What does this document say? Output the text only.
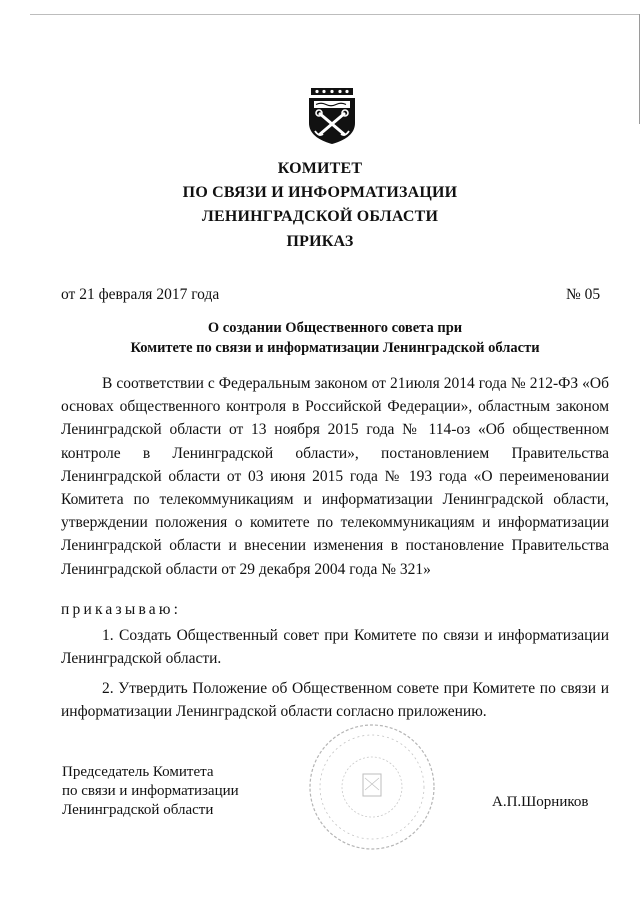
КОМИТЕТ
ПО СВЯЗИ И ИНФОРМАТИЗАЦИИ
ЛЕНИНГРАДСКОЙ ОБЛАСТИ
ПРИКАЗ
от 21 февраля 2017 года	№ 05
О создании Общественного совета при
Комитете по связи и информатизации Ленинградской области
В соответствии с Федеральным законом от 21июля 2014 года № 212-ФЗ «Об основах общественного контроля в Российской Федерации», областным законом Ленинградской области от 13 ноября 2015 года № 114-оз «Об общественном контроле в Ленинградской области», постановлением Правительства Ленинградской области от 03 июня 2015 года № 193 года «О переименовании Комитета по телекоммуникациям и информатизации Ленинградской области, утверждении положения о комитете по телекоммуникациям и информатизации Ленинградской области и внесении изменения в постановление Правительства Ленинградской области от 29 декабря 2004 года № 321»
приказываю:
1. Создать Общественный совет при Комитете по связи и информатизации Ленинградской области.
2. Утвердить Положение об Общественном совете при Комитете по связи и информатизации Ленинградской области согласно приложению.
Председатель Комитета
по связи и информатизации
Ленинградской области	А.П.Шорников
